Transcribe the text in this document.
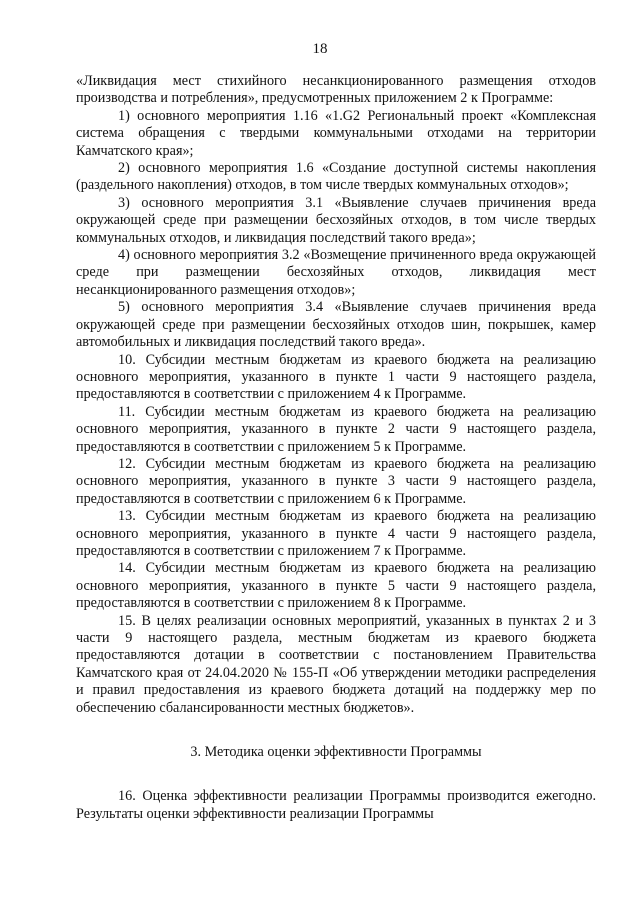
18

«Ликвидация мест стихийного несанкционированного размещения отходов производства и потребления», предусмотренных приложением 2 к Программе:

1) основного мероприятия 1.16 «1.G2 Региональный проект «Комплексная система обращения с твердыми коммунальными отходами на территории Камчатского края»;

2) основного мероприятия 1.6 «Создание доступной системы накопления (раздельного накопления) отходов, в том числе твердых коммунальных отходов»;

3) основного мероприятия 3.1 «Выявление случаев причинения вреда окружающей среде при размещении бесхозяйных отходов, в том числе твердых коммунальных отходов, и ликвидация последствий такого вреда»;

4) основного мероприятия 3.2 «Возмещение причиненного вреда окружающей среде при размещении бесхозяйных отходов, ликвидация мест несанкционированного размещения отходов»;

5) основного мероприятия 3.4 «Выявление случаев причинения вреда окружающей среде при размещении бесхозяйных отходов шин, покрышек, камер автомобильных и ликвидация последствий такого вреда».

10. Субсидии местным бюджетам из краевого бюджета на реализацию основного мероприятия, указанного в пункте 1 части 9 настоящего раздела, предоставляются в соответствии с приложением 4 к Программе.

11. Субсидии местным бюджетам из краевого бюджета на реализацию основного мероприятия, указанного в пункте 2 части 9 настоящего раздела, предоставляются в соответствии с приложением 5 к Программе.

12. Субсидии местным бюджетам из краевого бюджета на реализацию основного мероприятия, указанного в пункте 3 части 9 настоящего раздела, предоставляются в соответствии с приложением 6 к Программе.

13. Субсидии местным бюджетам из краевого бюджета на реализацию основного мероприятия, указанного в пункте 4 части 9 настоящего раздела, предоставляются в соответствии с приложением 7 к Программе.

14. Субсидии местным бюджетам из краевого бюджета на реализацию основного мероприятия, указанного в пункте 5 части 9 настоящего раздела, предоставляются в соответствии с приложением 8 к Программе.

15. В целях реализации основных мероприятий, указанных в пунктах 2 и 3 части 9 настоящего раздела, местным бюджетам из краевого бюджета предоставляются дотации в соответствии с постановлением Правительства Камчатского края от 24.04.2020 № 155-П «Об утверждении методики распределения и правил предоставления из краевого бюджета дотаций на поддержку мер по обеспечению сбалансированности местных бюджетов».

3. Методика оценки эффективности Программы

16. Оценка эффективности реализации Программы производится ежегодно. Результаты оценки эффективности реализации Программы
